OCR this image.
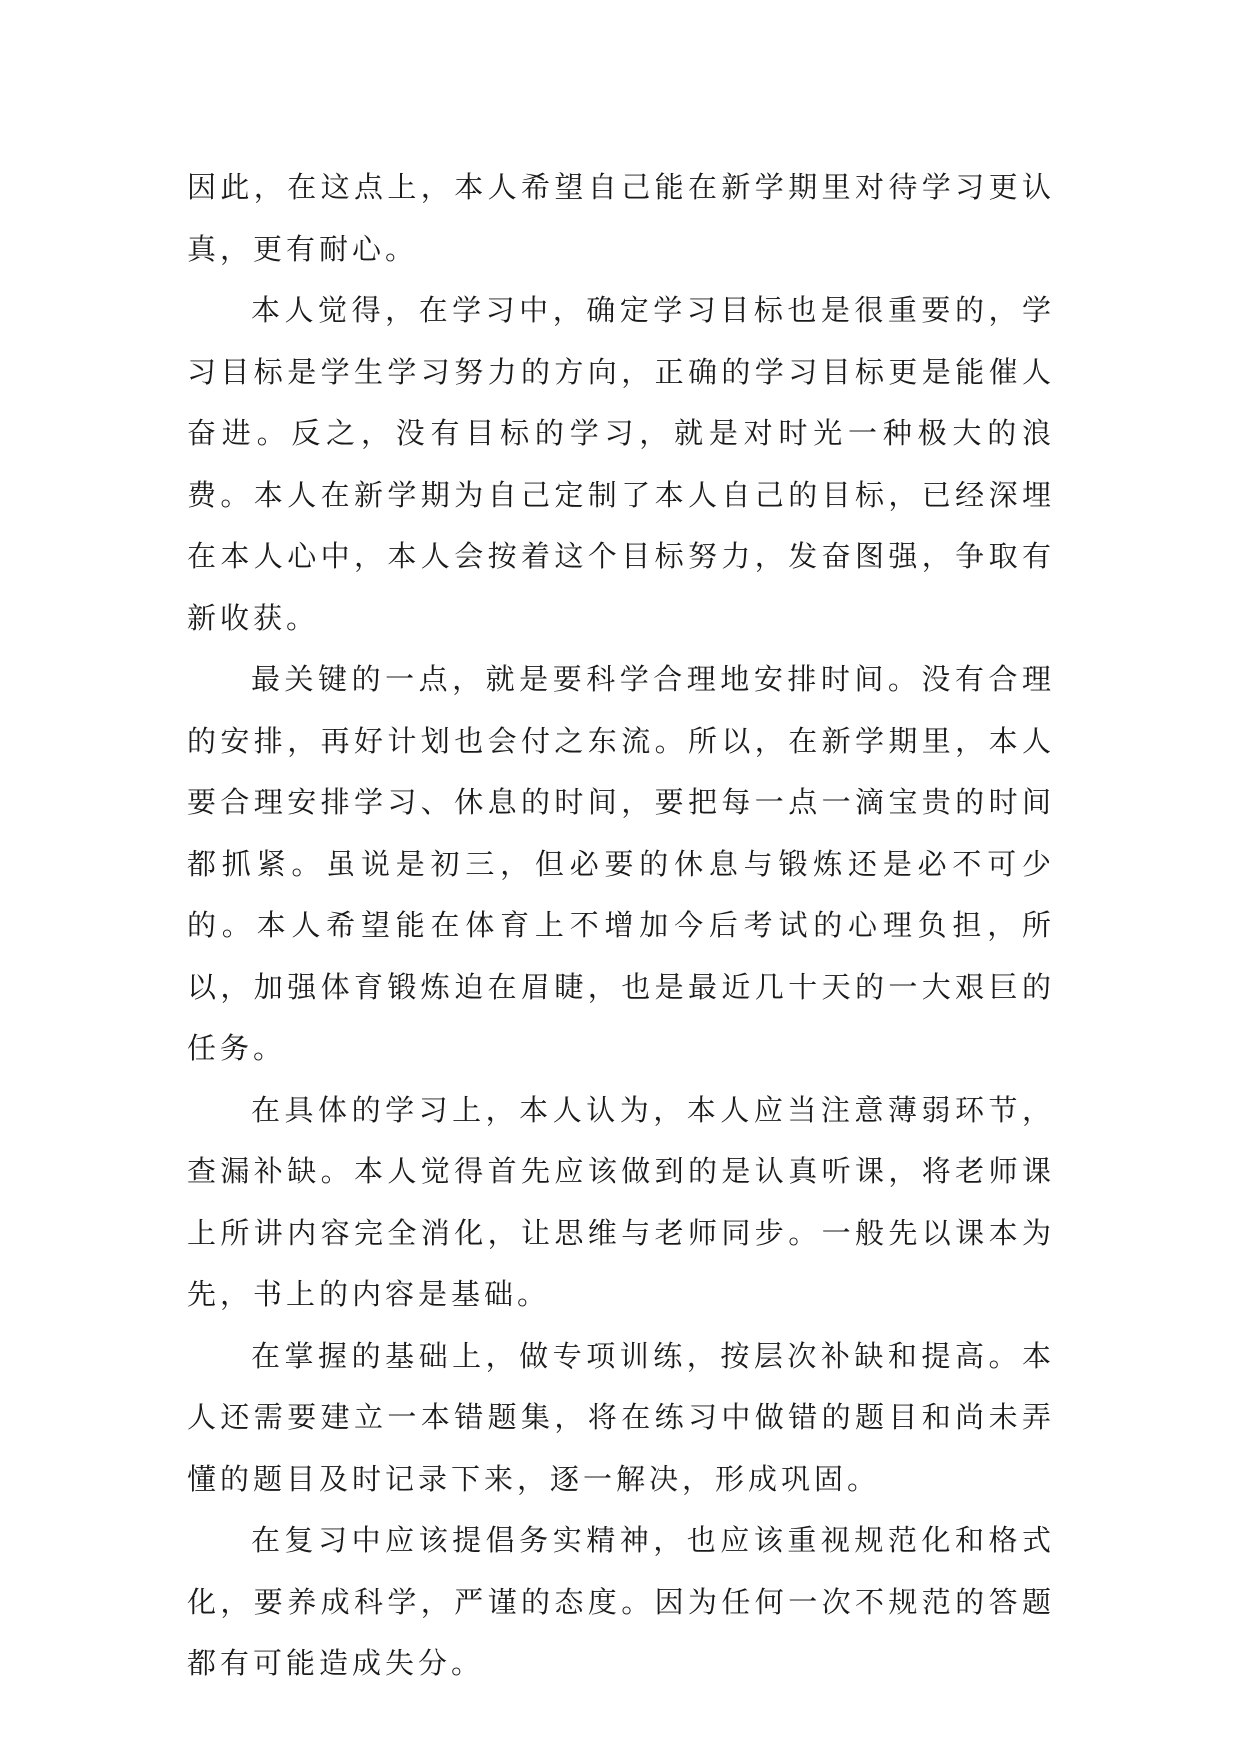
因此，在这点上，本人希望自己能在新学期里对待学习更认真，更有耐心。

本人觉得，在学习中，确定学习目标也是很重要的，学习目标是学生学习努力的方向，正确的学习目标更是能催人奋进。反之，没有目标的学习，就是对时光一种极大的浪费。本人在新学期为自己定制了本人自己的目标，已经深埋在本人心中，本人会按着这个目标努力，发奋图强，争取有新收获。

最关键的一点，就是要科学合理地安排时间。没有合理的安排，再好计划也会付之东流。所以，在新学期里，本人要合理安排学习、休息的时间，要把每一点一滴宝贵的时间都抓紧。虽说是初三，但必要的休息与锻炼还是必不可少的。本人希望能在体育上不增加今后考试的心理负担，所以，加强体育锻炼迫在眉睫，也是最近几十天的一大艰巨的任务。

在具体的学习上，本人认为，本人应当注意薄弱环节，查漏补缺。本人觉得首先应该做到的是认真听课，将老师课上所讲内容完全消化，让思维与老师同步。一般先以课本为先，书上的内容是基础。

在掌握的基础上，做专项训练，按层次补缺和提高。本人还需要建立一本错题集，将在练习中做错的题目和尚未弄懂的题目及时记录下来，逐一解决，形成巩固。

在复习中应该提倡务实精神，也应该重视规范化和格式化，要养成科学，严谨的态度。因为任何一次不规范的答题都有可能造成失分。
